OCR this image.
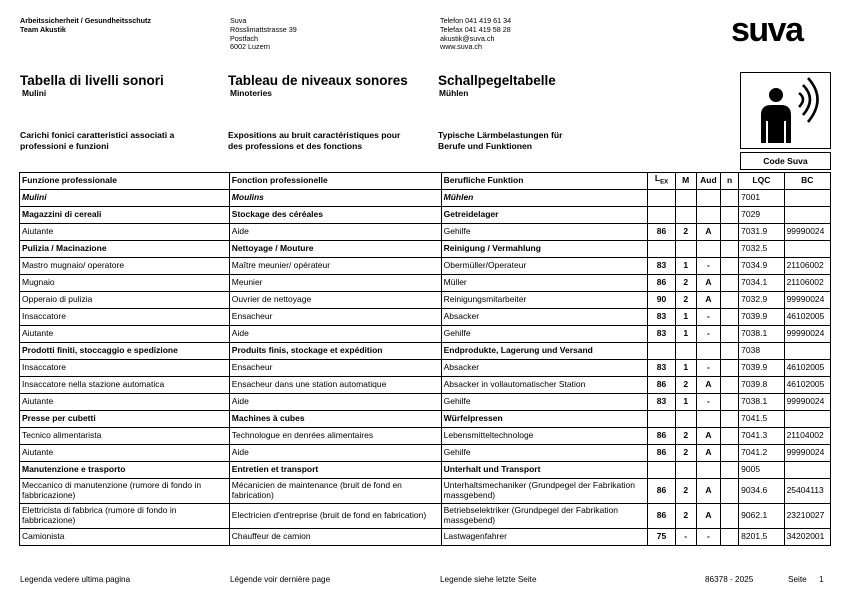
Arbeitssicherheit / Gesundheitsschutz
Team Akustik
Suva
Rösslimattstrasse 39
Postfach
6002 Luzern
Telefon 041 419 61 34
Telefax 041 419 58 28
akustik@suva.ch
www.suva.ch	suva
Tabella di livelli sonori
Mulini
Tableau de niveaux sonores
Minoteries
Schallpegeltabelle
Mühlen
Carichi fonici caratteristici associati a
professioni e funzioni
Expositions au bruit caractéristiques pour
des professions et des fonctions
Typische Lärmbelastungen für
Berufe und Funktionen
Code Suva
Funzione professionale	Fonction professionelle	Berufliche Funktion	$L_{EX}$	M	Aud	n	LQC	BC
Mulini	Moulins	Mühlen					7001	
Magazzini di cereali	Stockage des céréales	Getreidelager					7029	
Aiutante	Aide	Gehilfe	86	2	A		7031.9	99990024
Pulizia / Macinazione	Nettoyage / Mouture	Reinigung / Vermahlung					7032.5	
Mastro mugnaio/ operatore	Maître meunier/ opérateur	Obermüller/Operateur	83	1	-		7034.9	21106002
Mugnaio	Meunier	Müller	86	2	A		7034.1	21106002
Opperaio di pulizia	Ouvrier de nettoyage	Reinigungsmitarbeiter	90	2	A		7032.9	99990024
Insaccatore	Ensacheur	Absacker	83	1	-		7039.9	46102005
Aiutante	Aide	Gehilfe	83	1	-		7038.1	99990024
Prodotti finiti, stoccaggio e spedizione	Produits finis, stockage et expédition	Endprodukte, Lagerung und Versand					7038	
Insaccatore	Ensacheur	Absacker	83	1	-		7039.9	46102005
Insaccatore nella stazione automatica	Ensacheur dans une station automatique	Absacker in vollautomatischer Station	86	2	A		7039.8	46102005
Aiutante	Aide	Gehilfe	83	1	-		7038.1	99990024
Presse per cubetti	Machines à cubes	Würfelpressen					7041.5	
Tecnico alimentarista	Technologue en denrées alimentaires	Lebensmitteltechnologe	86	2	A		7041.3	21104002
Aiutante	Aide	Gehilfe	86	2	A		7041.2	99990024
Manutenzione e trasporto	Entretien et transport	Unterhalt und Transport					9005	
Meccanico di manutenzione (rumore di fondo in fabbricazione)	Mécanicien de maintenance (bruit de fond en fabrication)	Unterhaltsmechaniker (Grundpegel der Fabrikation massgebend)	86	2	A		9034.6	25404113
Elettricista di fabbrica (rumore di fondo in fabbricazione)	Electricien d'entreprise (bruit de fond en fabrication)	Betriebselektriker (Grundpegel der Fabrikation massgebend)	86	2	A		9062.1	23210027
Camionista	Chauffeur de camion	Lastwagenfahrer	75	-	-		8201.5	34202001
Legenda vedere ultima pagina	Légende voir dernière page	Legende siehe letzte Seite	86378 - 2025	Seite 1
